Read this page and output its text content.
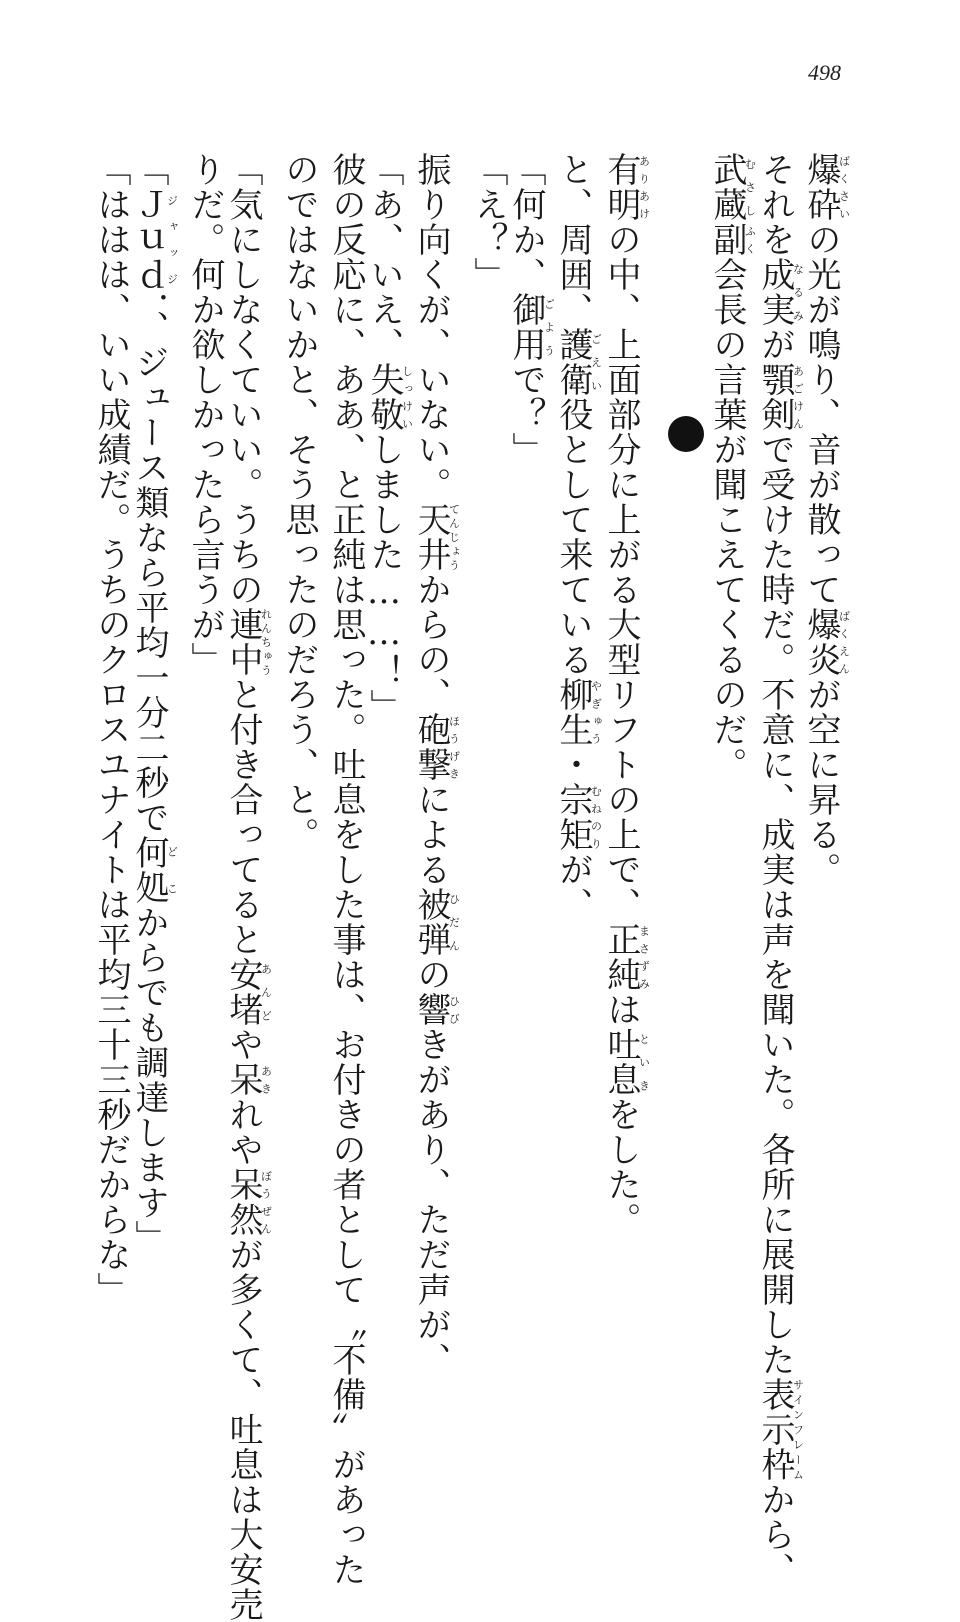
498
爆砕ばくさいの光が鳴り、音が散って爆炎ばくえんが空に昇る。
それを成実なるみが顎剣あごけんで受けた時だ。不意に、成実は声を聞いた。各所に展開した表示枠サインフレームから、
武蔵むさし副ふく会長の言葉が聞こえてくるのだ。
有明ありあけの中、上面部分に上がる大型リフトの上で、正純まさずみは吐息といきをした。
と、周囲、護衛ごえい役として来ている柳生やぎゅう・宗矩むねのりが、
「何か、御用ごようで？」
「え？」
振り向くが、いない。天井てんじょうからの、砲撃ほうげきによる被弾ひだんの響ひびきがあり、ただ声が、
「あ、いえ、失敬しっけいしました……！」
彼の反応に、ああ、と正純は思った。吐息をした事は、お付きの者として〝不備〟があった
のではないかと、そう思ったのだろう、と。
「気にしなくていい。うちの連中れんちゅうと付き合ってると安堵あんどや呆あきれや呆然ぼうぜんが多くて、吐息は大安売
りだ。何か欲しかったら言うが」
「Ｊｕｄジャッジ．、ジュース類なら平均一分二秒で何処どこからでも調達します」
「ははは、いい成績だ。うちのクロスユナイトは平均三十三秒だからな」
